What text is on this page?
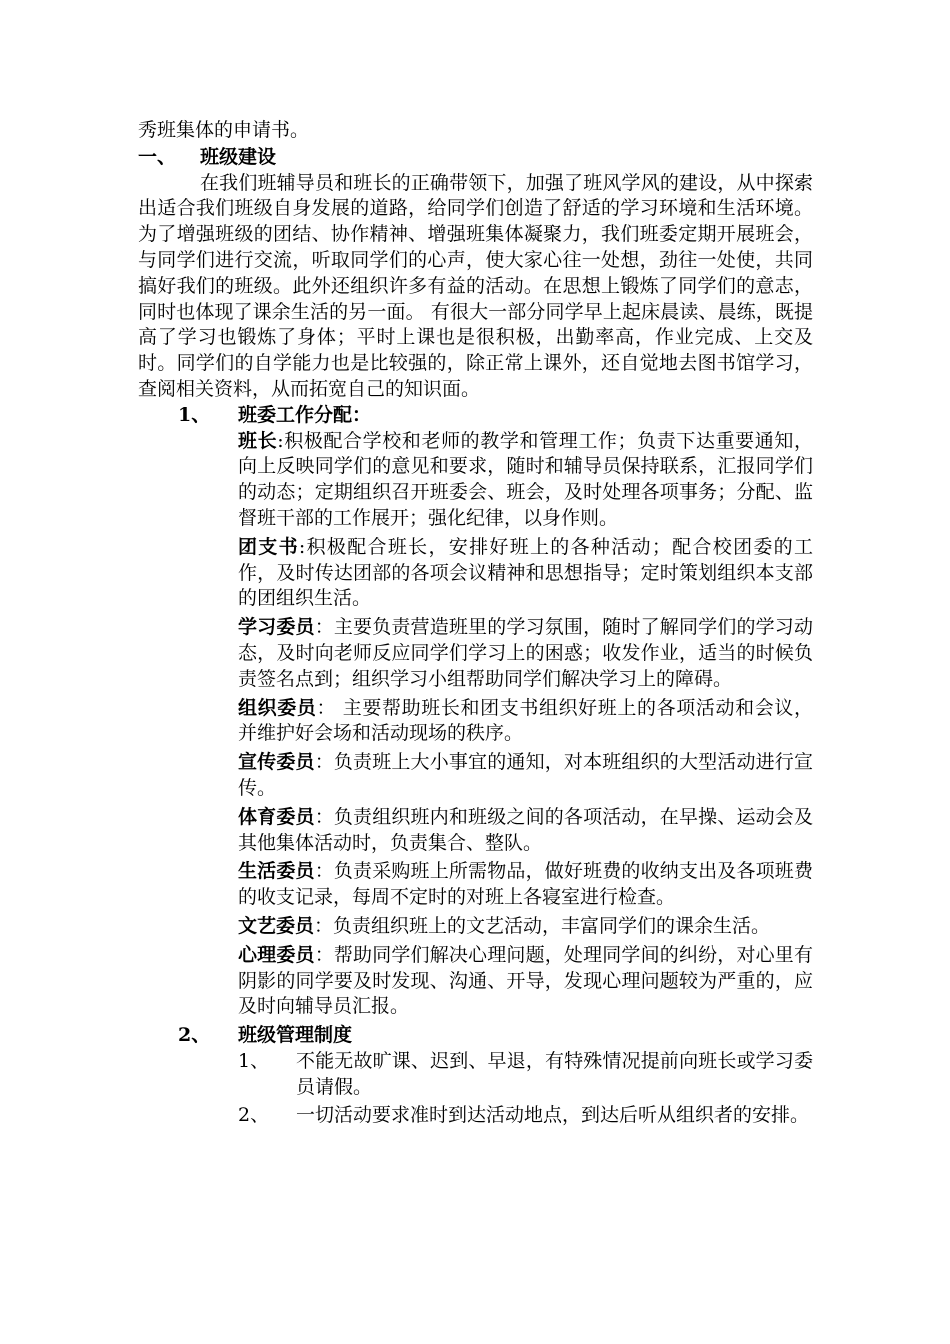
秀班集体的申请书。
一、 班级建设

在我们班辅导员和班长的正确带领下，加强了班风学风的建设，从中探索出适合我们班级自身发展的道路，给同学们创造了舒适的学习环境和生活环境。 为了增强班级的团结、协作精神、增强班集体凝聚力，我们班委定期开展班会，与同学们进行交流，听取同学们的心声，使大家心往一处想，劲往一处使，共同搞好我们的班级。此外还组织许多有益的活动。在思想上锻炼了同学们的意志，同时也体现了课余生活的另一面。 有很大一部分同学早上起床晨读、晨练，既提高了学习也锻炼了身体；平时上课也是很积极，出勤率高，作业完成、上交及时。同学们的自学能力也是比较强的，除正常上课外，还自觉地去图书馆学习，查阅相关资料，从而拓宽自己的知识面。

1、 班委工作分配：

班长:积极配合学校和老师的教学和管理工作；负责下达重要通知，向上反映同学们的意见和要求，随时和辅导员保持联系，汇报同学们的动态；定期组织召开班委会、班会，及时处理各项事务；分配、监督班干部的工作展开；强化纪律，以身作则。

团支书:积极配合班长，安排好班上的各种活动；配合校团委的工作，及时传达团部的各项会议精神和思想指导；定时策划组织本支部的团组织生活。

学习委员：主要负责营造班里的学习氛围，随时了解同学们的学习动态，及时向老师反应同学们学习上的困惑；收发作业，适当的时候负责签名点到；组织学习小组帮助同学们解决学习上的障碍。

组织委员： 主要帮助班长和团支书组织好班上的各项活动和会议，并维护好会场和活动现场的秩序。

宣传委员：负责班上大小事宜的通知，对本班组织的大型活动进行宣传。

体育委员：负责组织班内和班级之间的各项活动，在早操、运动会及其他集体活动时，负责集合、整队。

生活委员：负责采购班上所需物品，做好班费的收纳支出及各项班费的收支记录，每周不定时的对班上各寝室进行检查。

文艺委员：负责组织班上的文艺活动，丰富同学们的课余生活。

心理委员：帮助同学们解决心理问题，处理同学间的纠纷，对心里有阴影的同学要及时发现、沟通、开导，发现心理问题较为严重的，应及时向辅导员汇报。

2、 班级管理制度

1、 不能无故旷课、迟到、早退，有特殊情况提前向班长或学习委员请假。

2、 一切活动要求准时到达活动地点，到达后听从组织者的安排。
